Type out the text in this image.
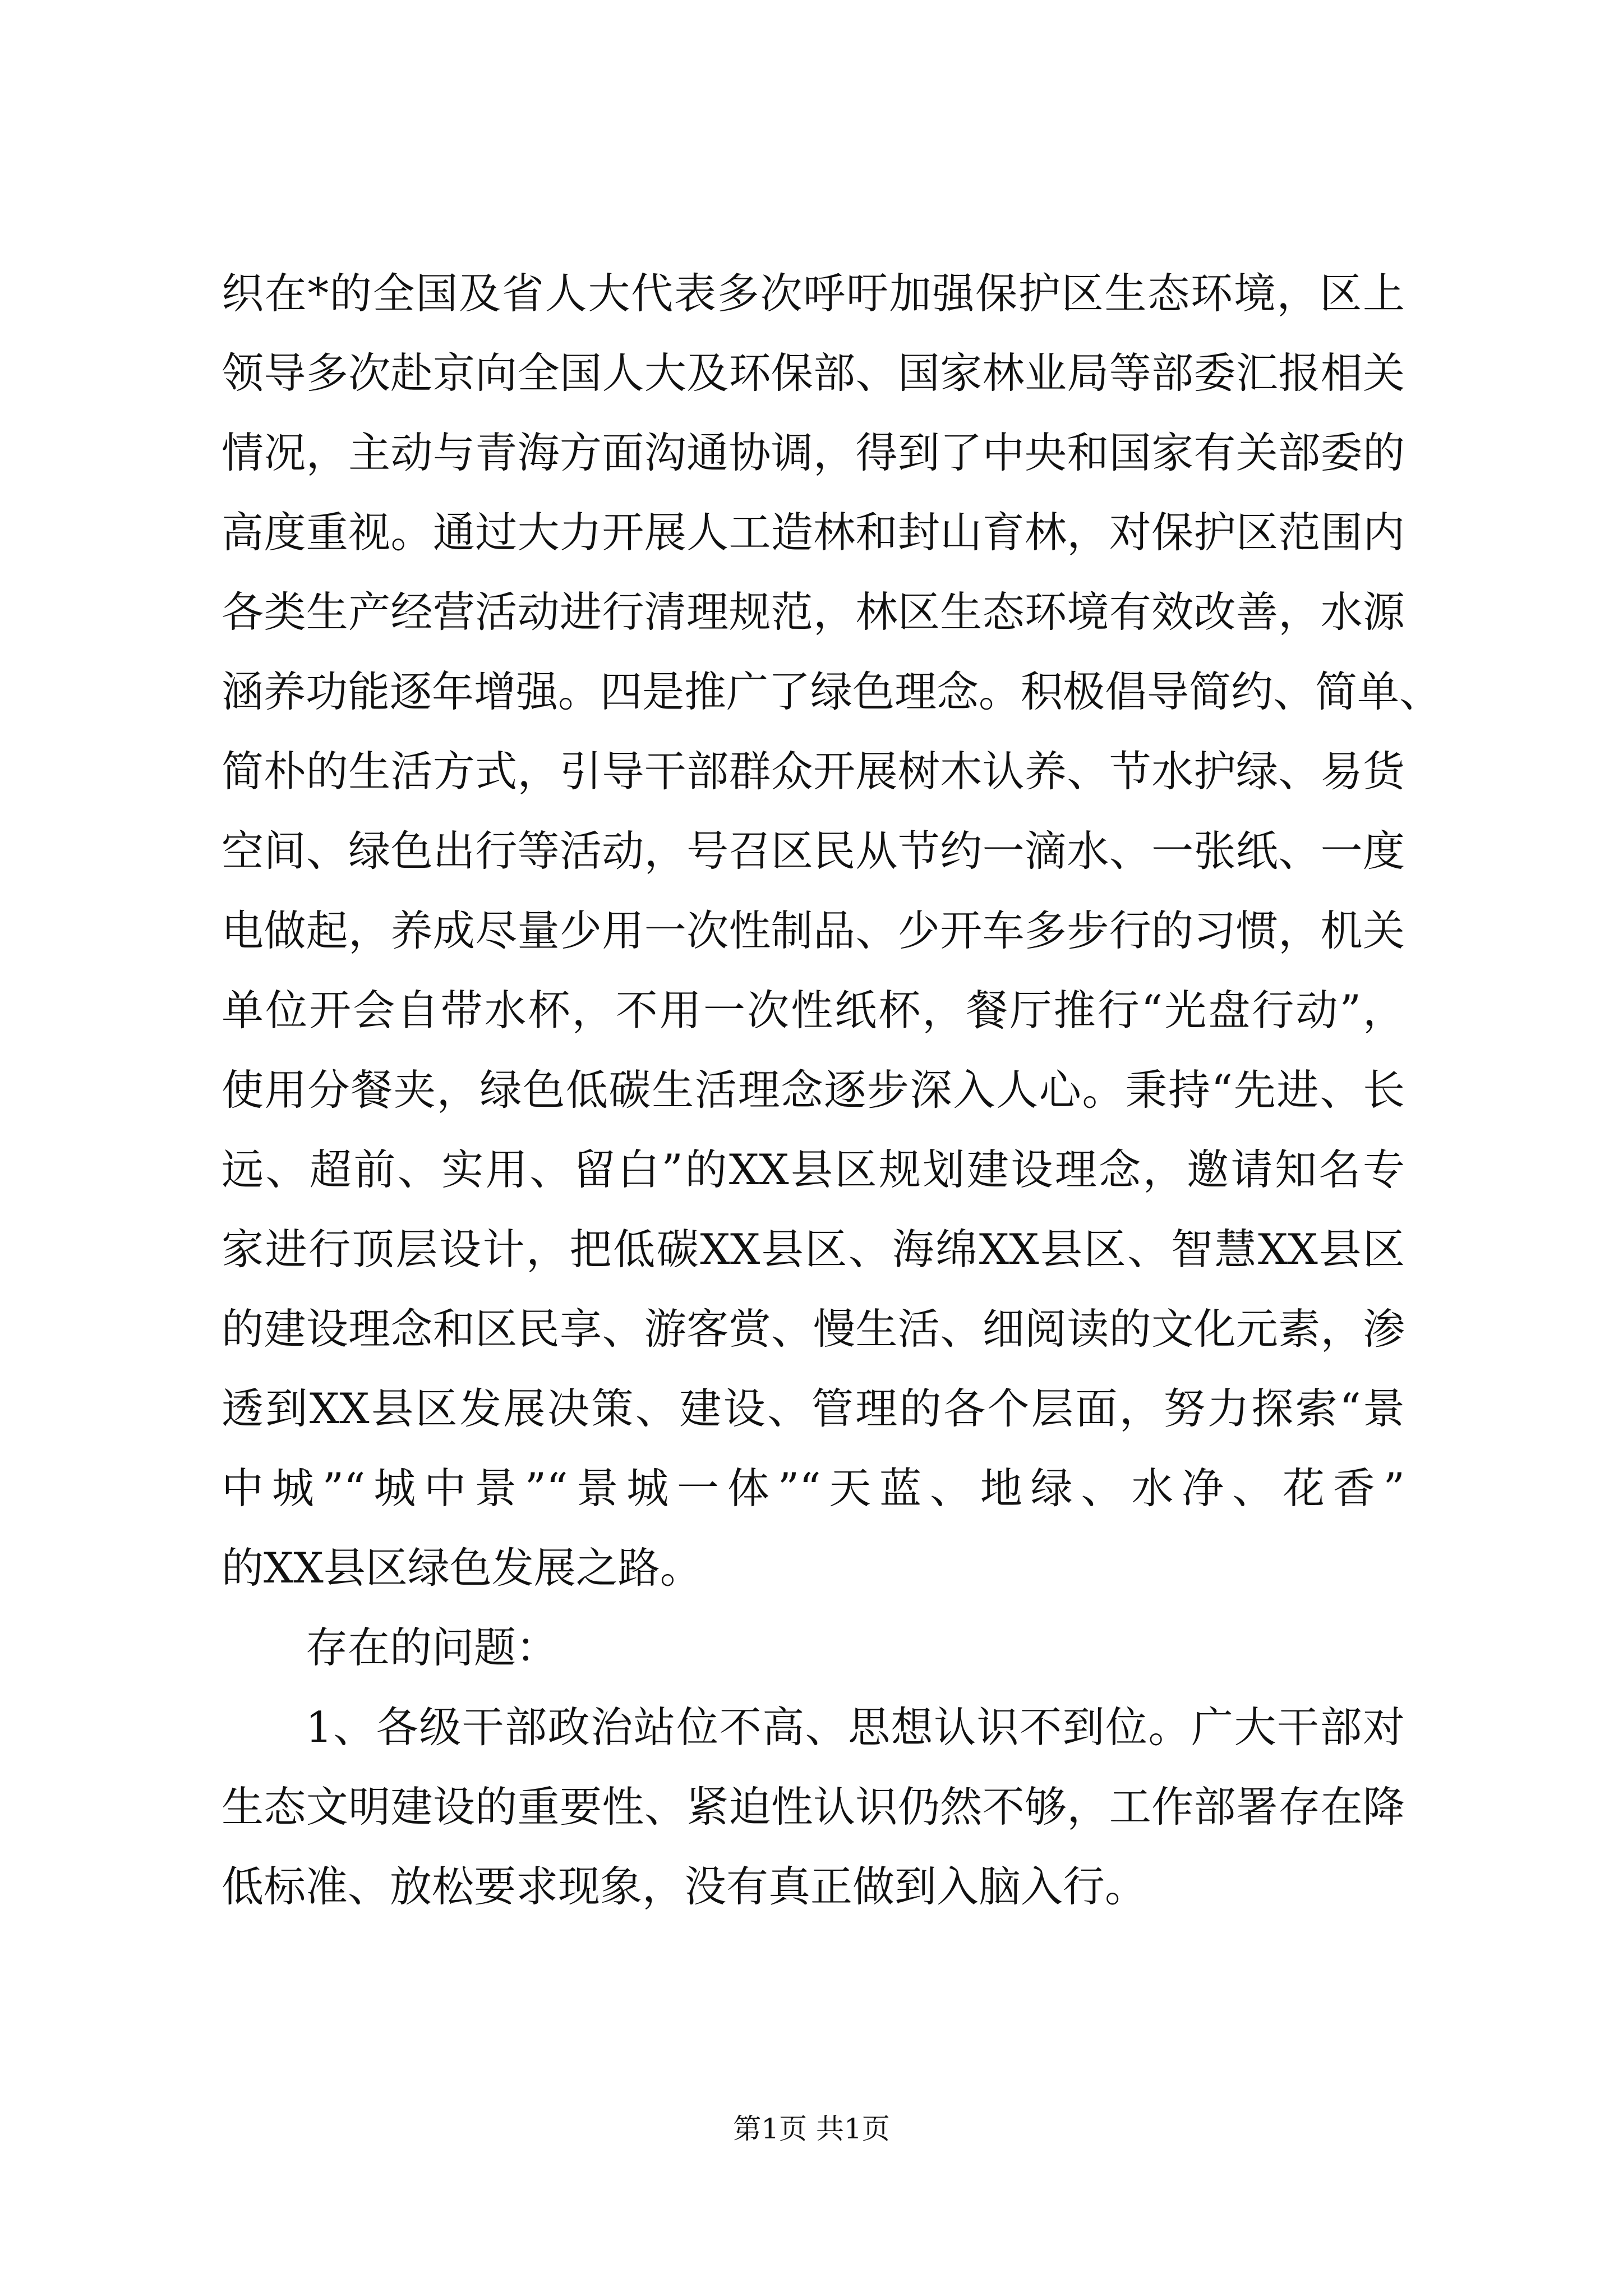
织在*的全国及省人大代表多次呼吁加强保护区生态环境，区上
领导多次赴京向全国人大及环保部、国家林业局等部委汇报相关
情况，主动与青海方面沟通协调，得到了中央和国家有关部委的
高度重视。通过大力开展人工造林和封山育林，对保护区范围内
各类生产经营活动进行清理规范，林区生态环境有效改善，水源
涵养功能逐年增强。四是推广了绿色理念。积极倡导简约、简单、
简朴的生活方式，引导干部群众开展树木认养、节水护绿、易货
空间、绿色出行等活动，号召区民从节约一滴水、一张纸、一度
电做起，养成尽量少用一次性制品、少开车多步行的习惯，机关
单位开会自带水杯，不用一次性纸杯，餐厅推行“光盘行动”，
使用分餐夹，绿色低碳生活理念逐步深入人心。秉持“先进、长
远、超前、实用、留白”的XX县区规划建设理念，邀请知名专
家进行顶层设计，把低碳XX县区、海绵XX县区、智慧XX县区
的建设理念和区民享、游客赏、慢生活、细阅读的文化元素，渗
透到XX县区发展决策、建设、管理的各个层面，努力探索“景
中城”“城中景”“景城一体”“天蓝、地绿、水净、花香”
的XX县区绿色发展之路。
存在的问题：
1、各级干部政治站位不高、思想认识不到位。广大干部对
生态文明建设的重要性、紧迫性认识仍然不够，工作部署存在降
低标准、放松要求现象，没有真正做到入脑入行。
第1页 共1页
